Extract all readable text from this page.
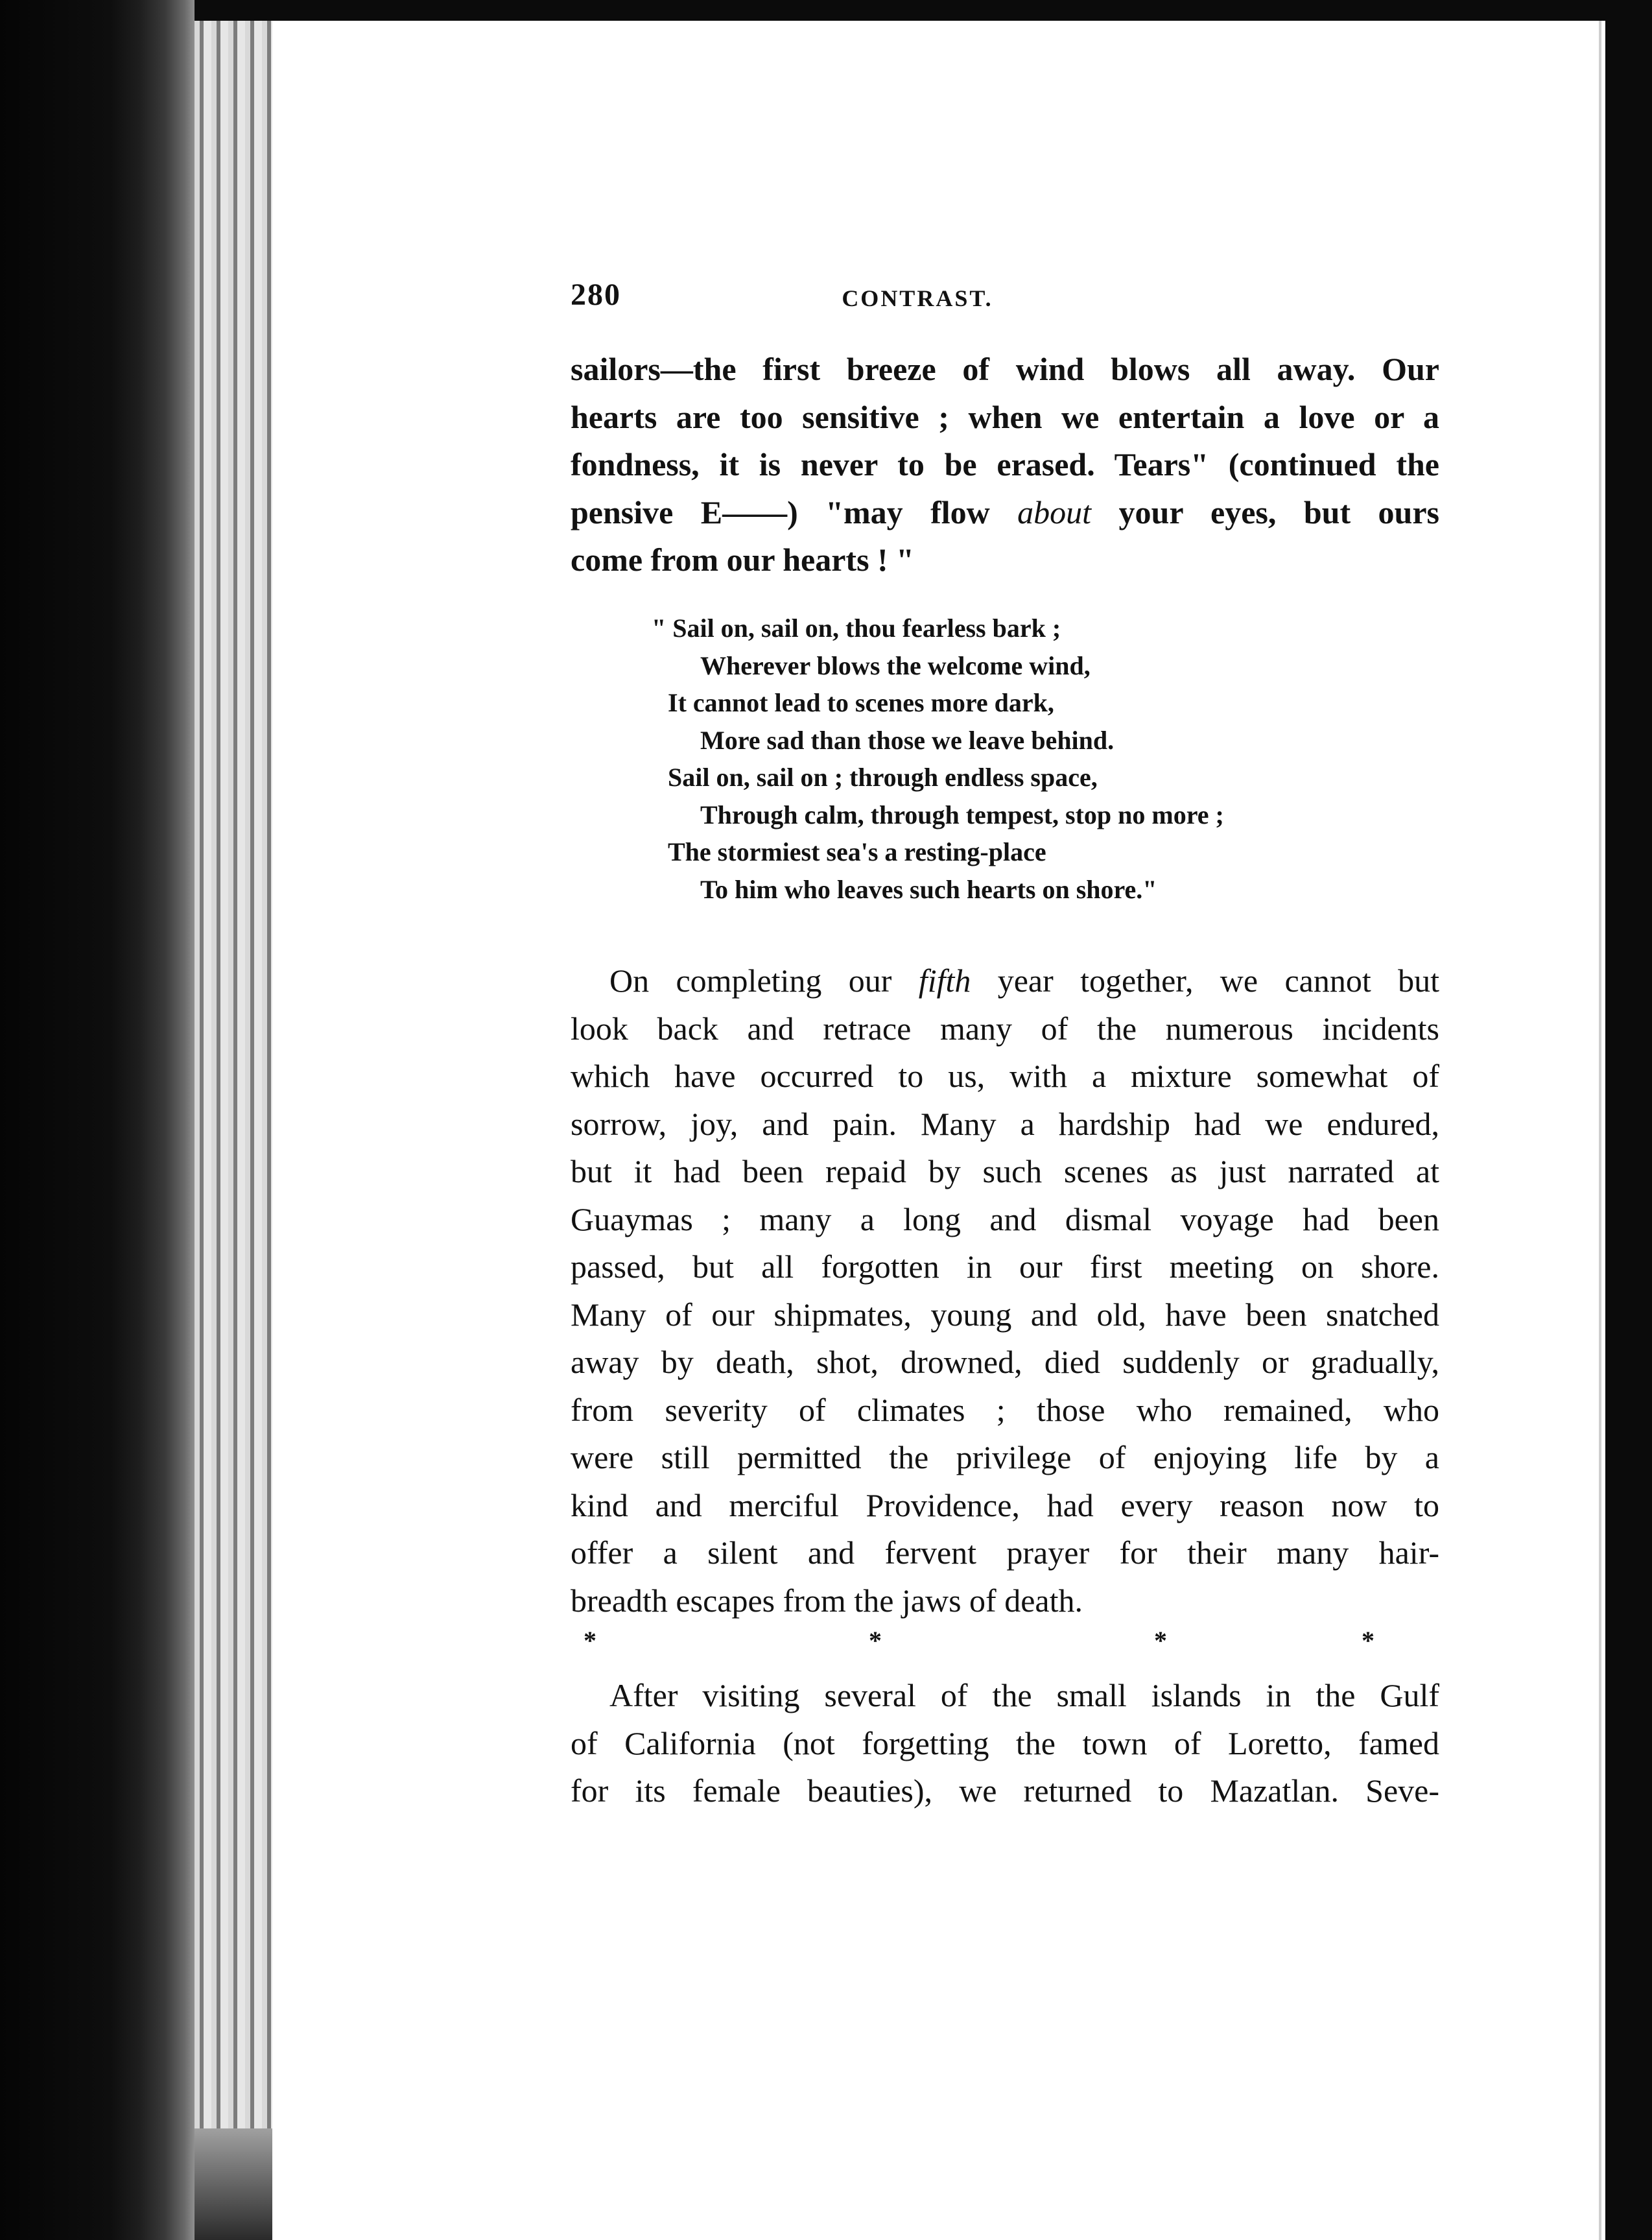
280	CONTRAST.
sailors—the first breeze of wind blows all away. Our
hearts are too sensitive ; when we entertain a love or a
fondness, it is never to be erased. Tears" (continued the
pensive E——) "may flow about your eyes, but ours
come from our hearts ! "
" Sail on, sail on, thou fearless bark ;
Wherever blows the welcome wind,
It cannot lead to scenes more dark,
More sad than those we leave behind.
Sail on, sail on ; through endless space,
Through calm, through tempest, stop no more ;
The stormiest sea's a resting-place
To him who leaves such hearts on shore."
On completing our fifth year together, we cannot but
look back and retrace many of the numerous incidents
which have occurred to us, with a mixture somewhat of
sorrow, joy, and pain. Many a hardship had we endured,
but it had been repaid by such scenes as just narrated at
Guaymas ; many a long and dismal voyage had been
passed, but all forgotten in our first meeting on shore.
Many of our shipmates, young and old, have been snatched
away by death, shot, drowned, died suddenly or gradually,
from severity of climates ; those who remained, who
were still permitted the privilege of enjoying life by a
kind and merciful Providence, had every reason now to
offer a silent and fervent prayer for their many hair-
breadth escapes from the jaws of death.
*	*	*	*
After visiting several of the small islands in the Gulf
of California (not forgetting the town of Loretto, famed
for its female beauties), we returned to Mazatlan. Seve-
